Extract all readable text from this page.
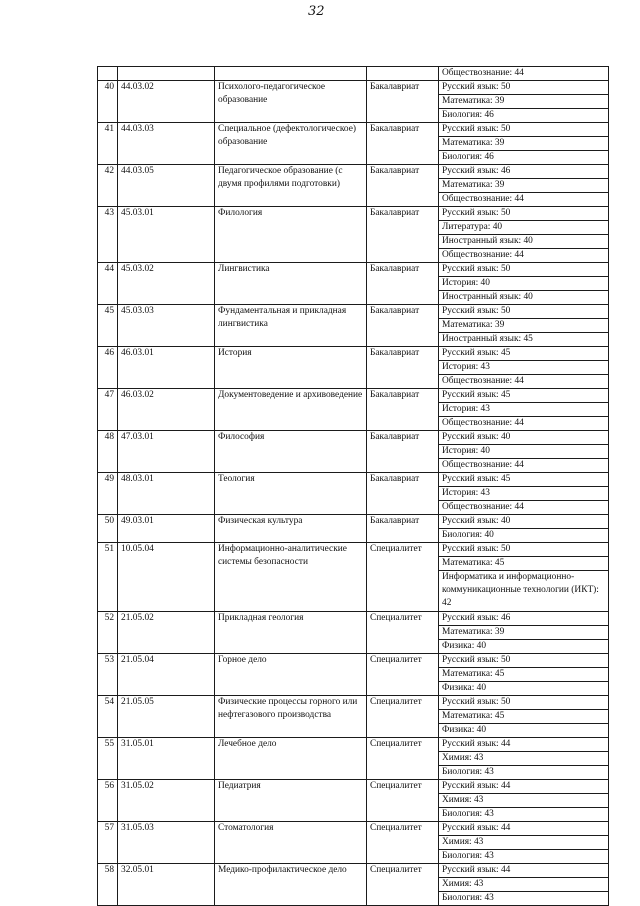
32
				Обществознание: 44
40	44.03.02	Психолого-педагогическое образование	Бакалавриат	Русский язык: 50
				Математика: 39
				Биология: 46
41	44.03.03	Специальное (дефектологическое) образование	Бакалавриат	Русский язык: 50
				Математика: 39
				Биология: 46
42	44.03.05	Педагогическое образование (с двумя профилями подготовки)	Бакалавриат	Русский язык: 46
				Математика: 39
				Обществознание: 44
43	45.03.01	Филология	Бакалавриат	Русский язык: 50
				Литература: 40
				Иностранный язык: 40
				Обществознание: 44
44	45.03.02	Лингвистика	Бакалавриат	Русский язык: 50
				История: 40
				Иностранный язык: 40
45	45.03.03	Фундаментальная и прикладная лингвистика	Бакалавриат	Русский язык: 50
				Математика: 39
				Иностранный язык: 45
46	46.03.01	История	Бакалавриат	Русский язык: 45
				История: 43
				Обществознание: 44
47	46.03.02	Документоведение и архивоведение	Бакалавриат	Русский язык: 45
				История: 43
				Обществознание: 44
48	47.03.01	Философия	Бакалавриат	Русский язык: 40
				История: 40
				Обществознание: 44
49	48.03.01	Теология	Бакалавриат	Русский язык: 45
				История: 43
				Обществознание: 44
50	49.03.01	Физическая культура	Бакалавриат	Русский язык: 40
				Биология: 40
51	10.05.04	Информационно-аналитические системы безопасности	Специалитет	Русский язык: 50
				Математика: 45
				Информатика и информационно-коммуникационные технологии (ИКТ): 42
52	21.05.02	Прикладная геология	Специалитет	Русский язык: 46
				Математика: 39
				Физика: 40
53	21.05.04	Горное дело	Специалитет	Русский язык: 50
				Математика: 45
				Физика: 40
54	21.05.05	Физические процессы горного или нефтегазового производства	Специалитет	Русский язык: 50
				Математика: 45
				Физика: 40
55	31.05.01	Лечебное дело	Специалитет	Русский язык: 44
				Химия: 43
				Биология: 43
56	31.05.02	Педиатрия	Специалитет	Русский язык: 44
				Химия: 43
				Биология: 43
57	31.05.03	Стоматология	Специалитет	Русский язык: 44
				Химия: 43
				Биология: 43
58	32.05.01	Медико-профилактическое дело	Специалитет	Русский язык: 44
				Химия: 43
				Биология: 43
